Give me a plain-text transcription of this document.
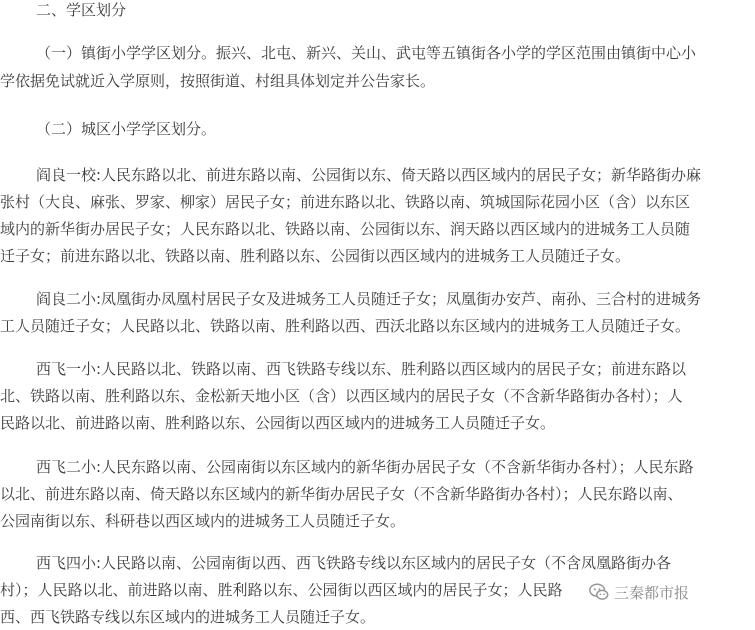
二、学区划分
（一）镇街小学学区划分。振兴、北屯、新兴、关山、武屯等五镇街各小学的学区范围由镇街中心小
学依据免试就近入学原则，按照街道、村组具体划定并公告家长。
（二）城区小学学区划分。
阎良一校:人民东路以北、前进东路以南、公园街以东、倚天路以西区域内的居民子女；新华路街办麻
张村（大良、麻张、罗家、柳家）居民子女；前进东路以北、铁路以南、筑城国际花园小区（含）以东区
域内的新华街办居民子女；人民东路以北、铁路以南、公园街以东、润天路以西区域内的进城务工人员随
迁子女；前进东路以北、铁路以南、胜利路以东、公园街以西区域内的进城务工人员随迁子女。
阎良二小:凤凰街办凤凰村居民子女及进城务工人员随迁子女；凤凰街办安芦、南孙、三合村的进城务
工人员随迁子女；人民路以北、铁路以南、胜利路以西、西沃北路以东区域内的进城务工人员随迁子女。
西飞一小:人民路以北、铁路以南、西飞铁路专线以东、胜利路以西区域内的居民子女；前进东路以
北、铁路以南、胜利路以东、金松新天地小区（含）以西区域内的居民子女（不含新华路街办各村）；人
民路以北、前进路以南、胜利路以东、公园街以西区域内的进城务工人员随迁子女。
西飞二小:人民东路以南、公园南街以东区域内的新华街办居民子女（不含新华街办各村）；人民东路
以北、前进东路以南、倚天路以东区域内的新华街办居民子女（不含新华路街办各村）；人民东路以南、
公园南街以东、科研巷以西区域内的进城务工人员随迁子女。
西飞四小:人民路以南、公园南街以西、西飞铁路专线以东区域内的居民子女（不含凤凰路街办各
村）；人民路以北、前进路以南、胜利路以东、公园街以西区域内的居民子女；人民路
西、西飞铁路专线以东区域内的进城务工人员随迁子女。
三秦都市报
